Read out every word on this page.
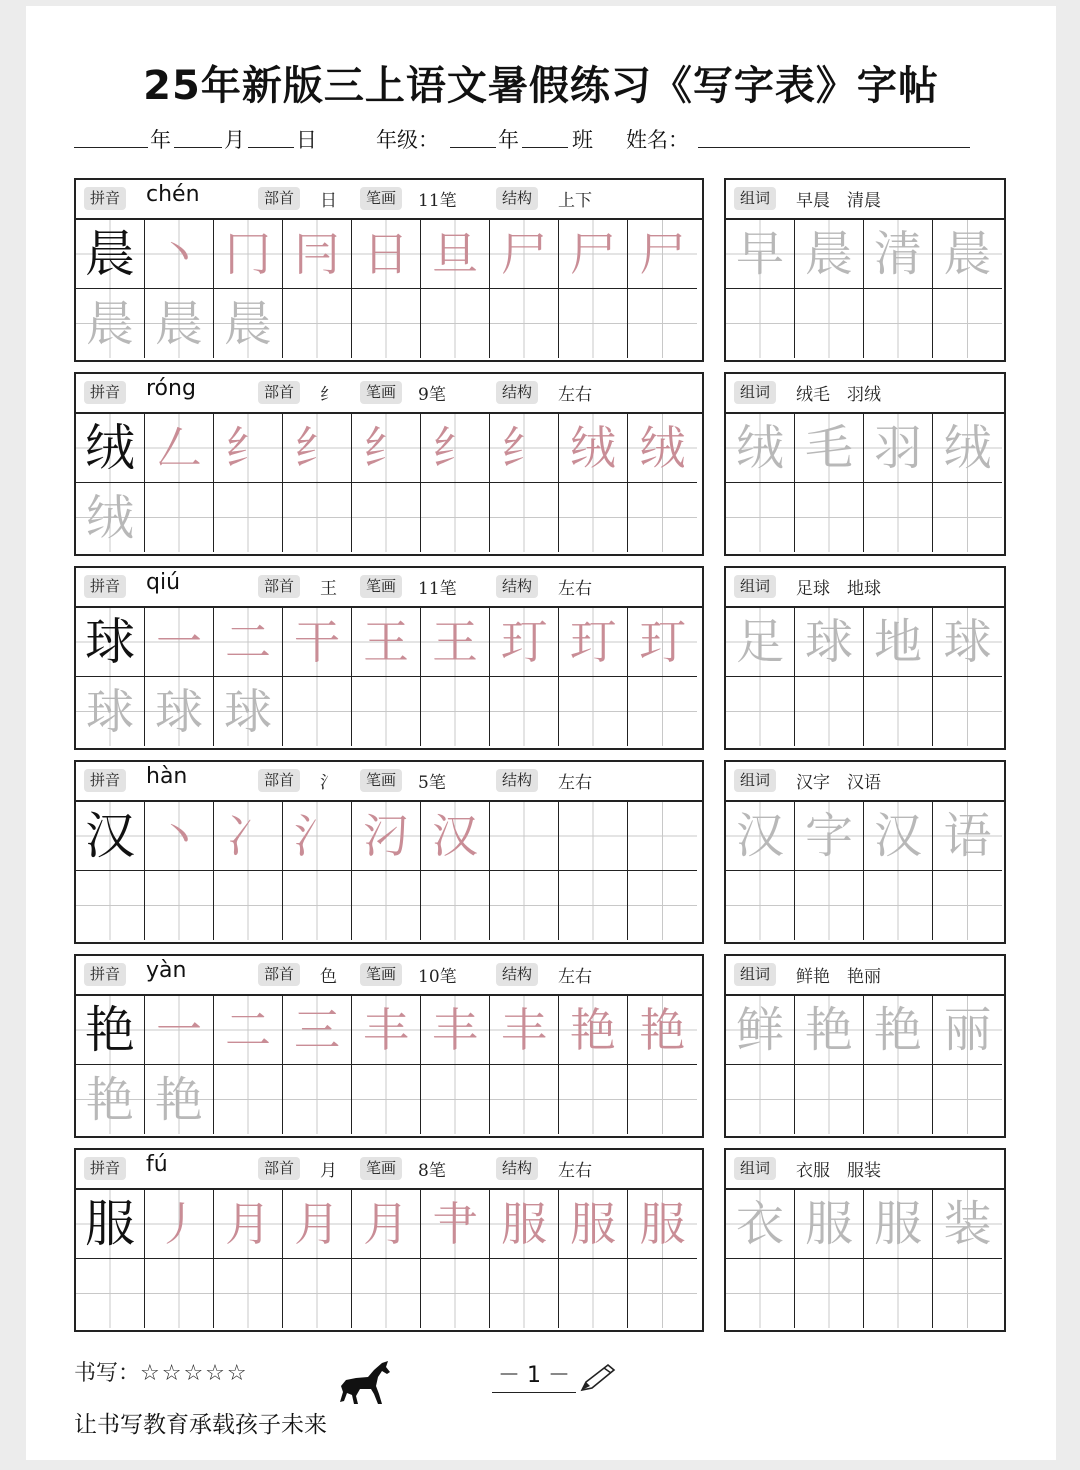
25年新版三上语文暑假练习《写字表》字帖
年	月 日	年级：	年	班 姓名：
拼音 chén	部首	日	笔画	11笔	结构	上下
晨 丶 冂 冃 日 旦 尸 尸 尸
晨 晨 晨
组词	早晨　清晨
早 晨 清 晨
拼音 róng	部首	纟	笔画	9笔	结构	左右
绒 𠃋 纟 纟 纟 纟 纟 绒 绒
绒
组词	绒毛　羽绒
绒 毛 羽 绒
拼音 qiú	部首	王	笔画	11笔	结构	左右
球 一 二 干 王 王 玎 玎 玎
球 球 球
组词	足球　地球
足 球 地 球
拼音 hàn	部首	氵	笔画	5笔	结构	左右
汉 丶 冫 氵 汈 汉
组词	汉字　汉语
汉 字 汉 语
拼音 yàn	部首	色	笔画	10笔	结构	左右
艳 一 二 三 丰 丰 丰 艳 艳
艳 艳
组词	鲜艳　艳丽
鲜 艳 艳 丽
拼音 fú	部首	月	笔画	8笔	结构	左右
服 丿 月 月 月 肀 服 服 服
组词	衣服　服装
衣 服 服 装
书写：☆☆☆☆☆	－ 1 －
让书写教育承载孩子未来
